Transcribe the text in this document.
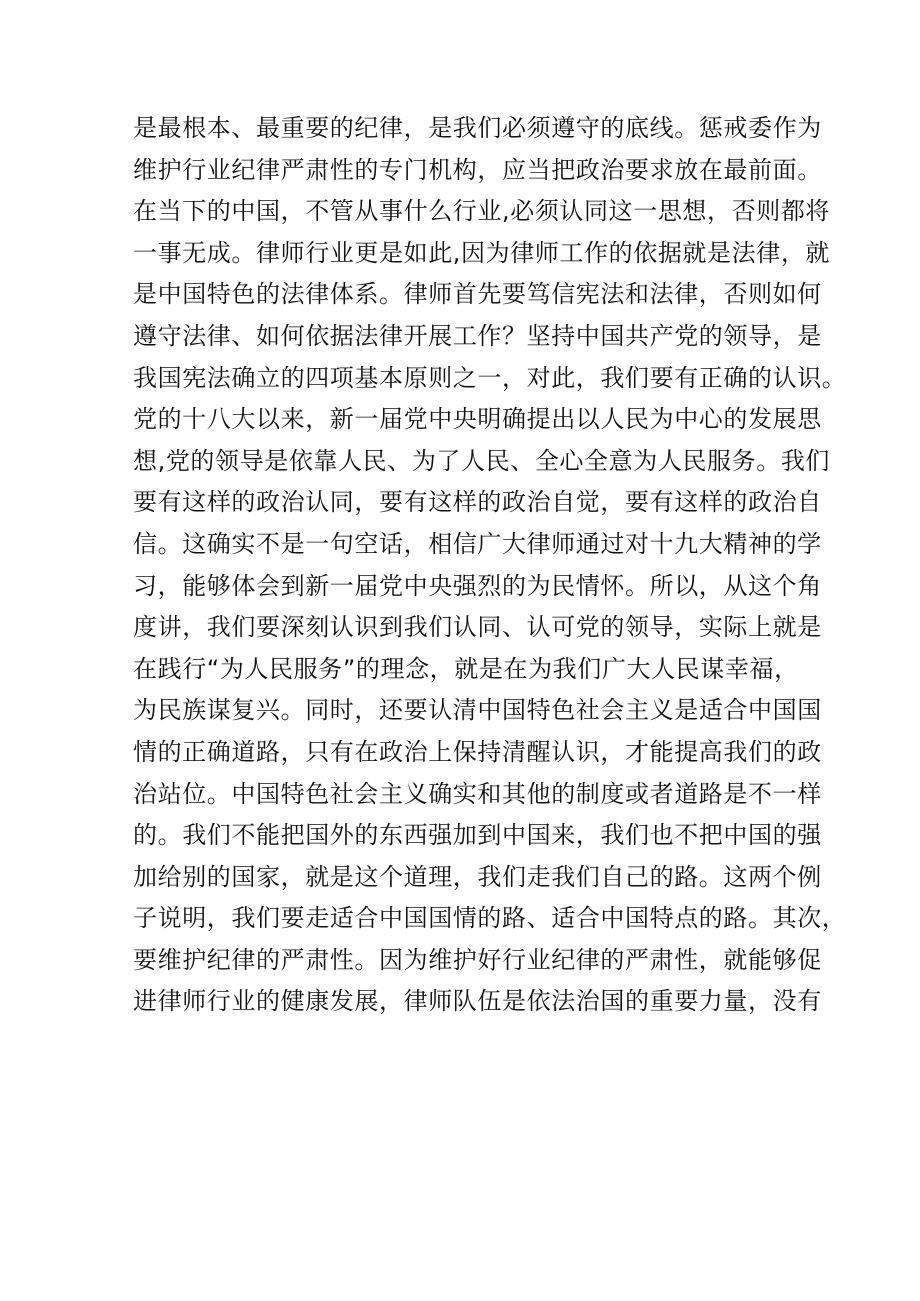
是最根本、最重要的纪律，是我们必须遵守的底线。惩戒委作为
维护行业纪律严肃性的专门机构，应当把政治要求放在最前面。
在当下的中国，不管从事什么行业,必须认同这一思想，否则都将
一事无成。律师行业更是如此,因为律师工作的依据就是法律，就
是中国特色的法律体系。律师首先要笃信宪法和法律，否则如何
遵守法律、如何依据法律开展工作？坚持中国共产党的领导，是
我国宪法确立的四项基本原则之一，对此，我们要有正确的认识。
党的十八大以来，新一届党中央明确提出以人民为中心的发展思
想,党的领导是依靠人民、为了人民、全心全意为人民服务。我们
要有这样的政治认同，要有这样的政治自觉，要有这样的政治自
信。这确实不是一句空话，相信广大律师通过对十九大精神的学
习，能够体会到新一届党中央强烈的为民情怀。所以，从这个角
度讲，我们要深刻认识到我们认同、认可党的领导，实际上就是
在践行“为人民服务”的理念，就是在为我们广大人民谋幸福，
为民族谋复兴。同时，还要认清中国特色社会主义是适合中国国
情的正确道路，只有在政治上保持清醒认识，才能提高我们的政
治站位。中国特色社会主义确实和其他的制度或者道路是不一样
的。我们不能把国外的东西强加到中国来，我们也不把中国的强
加给别的国家，就是这个道理，我们走我们自己的路。这两个例
子说明，我们要走适合中国国情的路、适合中国特点的路。其次，
要维护纪律的严肃性。因为维护好行业纪律的严肃性，就能够促
进律师行业的健康发展，律师队伍是依法治国的重要力量，没有
